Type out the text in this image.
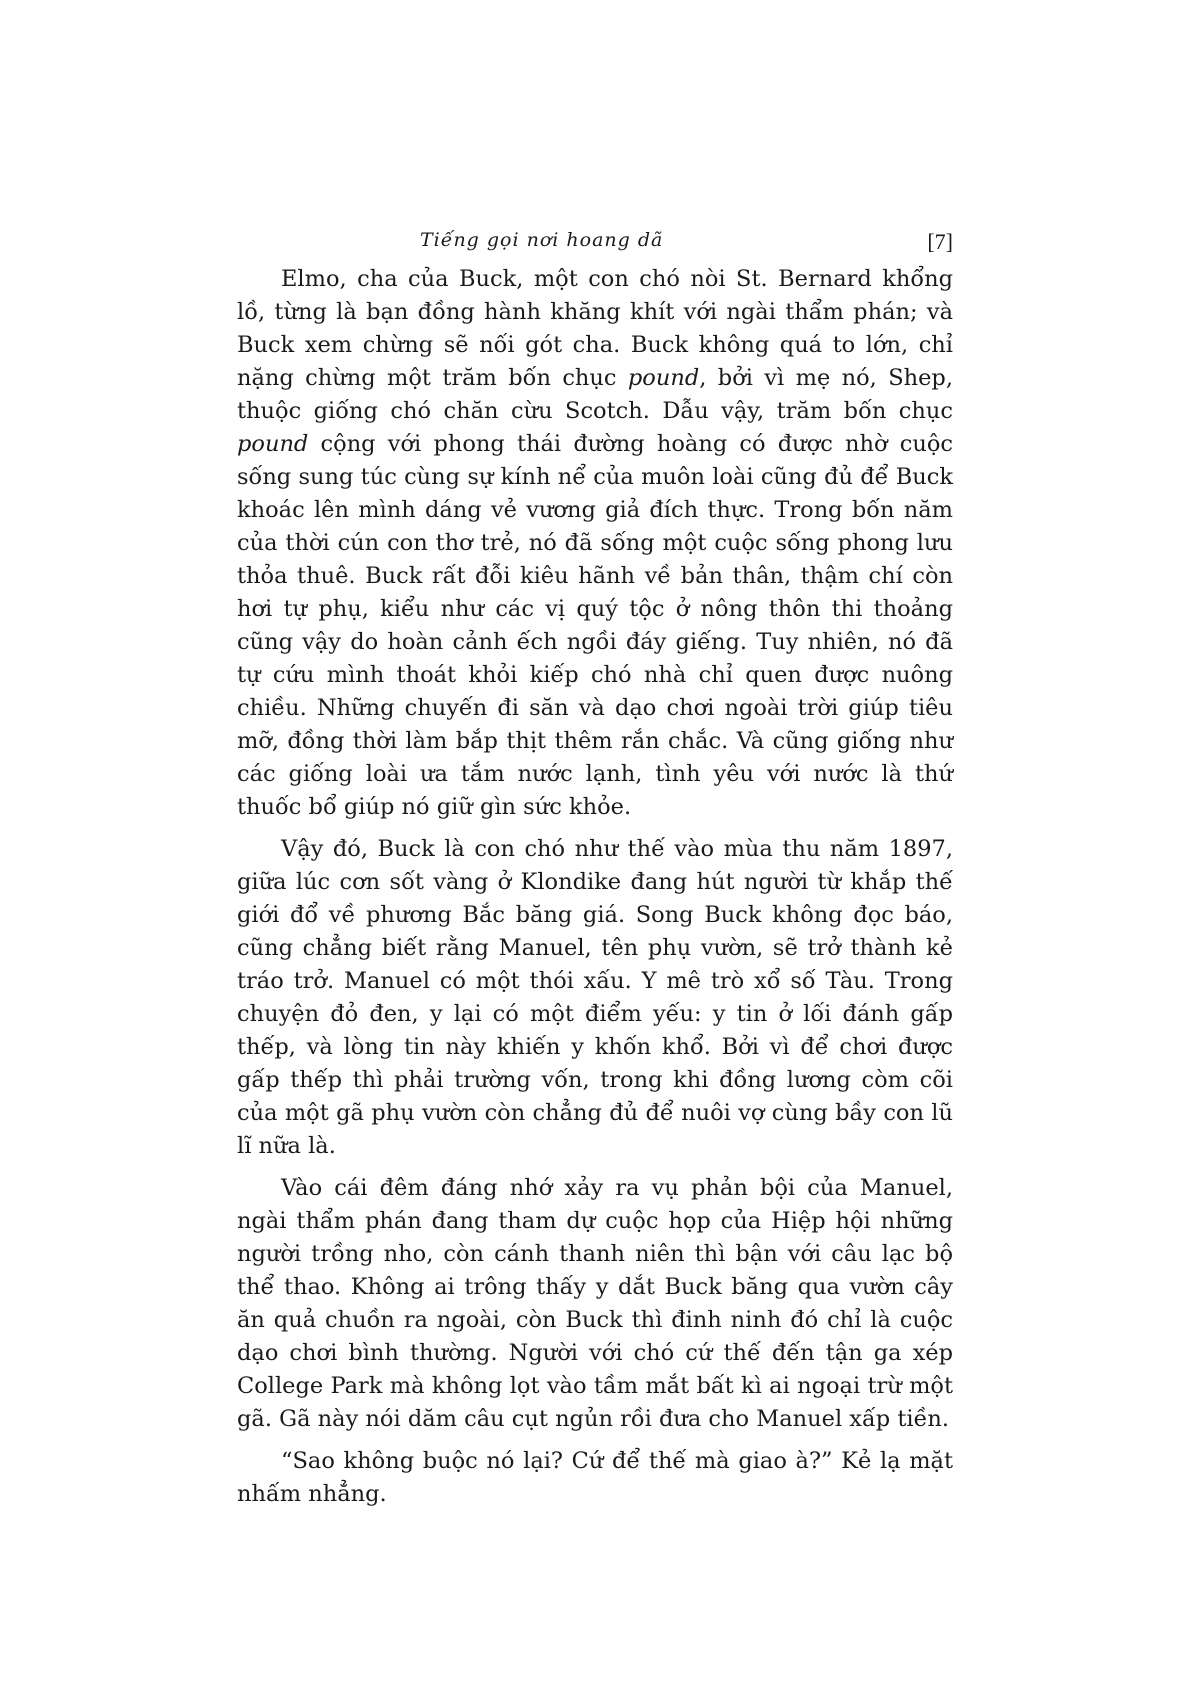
Tiếng gọi nơi hoang dã	[7]

Elmo, cha của Buck, một con chó nòi St. Bernard khổng lồ, từng là bạn đồng hành khăng khít với ngài thẩm phán; và Buck xem chừng sẽ nối gót cha. Buck không quá to lớn, chỉ nặng chừng một trăm bốn chục pound, bởi vì mẹ nó, Shep, thuộc giống chó chăn cừu Scotch. Dẫu vậy, trăm bốn chục pound cộng với phong thái đường hoàng có được nhờ cuộc sống sung túc cùng sự kính nể của muôn loài cũng đủ để Buck khoác lên mình dáng vẻ vương giả đích thực. Trong bốn năm của thời cún con thơ trẻ, nó đã sống một cuộc sống phong lưu thỏa thuê. Buck rất đỗi kiêu hãnh về bản thân, thậm chí còn hơi tự phụ, kiểu như các vị quý tộc ở nông thôn thi thoảng cũng vậy do hoàn cảnh ếch ngồi đáy giếng. Tuy nhiên, nó đã tự cứu mình thoát khỏi kiếp chó nhà chỉ quen được nuông chiều. Những chuyến đi săn và dạo chơi ngoài trời giúp tiêu mỡ, đồng thời làm bắp thịt thêm rắn chắc. Và cũng giống như các giống loài ưa tắm nước lạnh, tình yêu với nước là thứ thuốc bổ giúp nó giữ gìn sức khỏe.

Vậy đó, Buck là con chó như thế vào mùa thu năm 1897, giữa lúc cơn sốt vàng ở Klondike đang hút người từ khắp thế giới đổ về phương Bắc băng giá. Song Buck không đọc báo, cũng chẳng biết rằng Manuel, tên phụ vườn, sẽ trở thành kẻ tráo trở. Manuel có một thói xấu. Y mê trò xổ số Tàu. Trong chuyện đỏ đen, y lại có một điểm yếu: y tin ở lối đánh gấp thếp, và lòng tin này khiến y khốn khổ. Bởi vì để chơi được gấp thếp thì phải trường vốn, trong khi đồng lương còm cõi của một gã phụ vườn còn chẳng đủ để nuôi vợ cùng bầy con lũ lĩ nữa là.

Vào cái đêm đáng nhớ xảy ra vụ phản bội của Manuel, ngài thẩm phán đang tham dự cuộc họp của Hiệp hội những người trồng nho, còn cánh thanh niên thì bận với câu lạc bộ thể thao. Không ai trông thấy y dắt Buck băng qua vườn cây ăn quả chuồn ra ngoài, còn Buck thì đinh ninh đó chỉ là cuộc dạo chơi bình thường. Người với chó cứ thế đến tận ga xép College Park mà không lọt vào tầm mắt bất kì ai ngoại trừ một gã. Gã này nói dăm câu cụt ngủn rồi đưa cho Manuel xấp tiền.

“Sao không buộc nó lại? Cứ để thế mà giao à?” Kẻ lạ mặt nhấm nhẳng.
